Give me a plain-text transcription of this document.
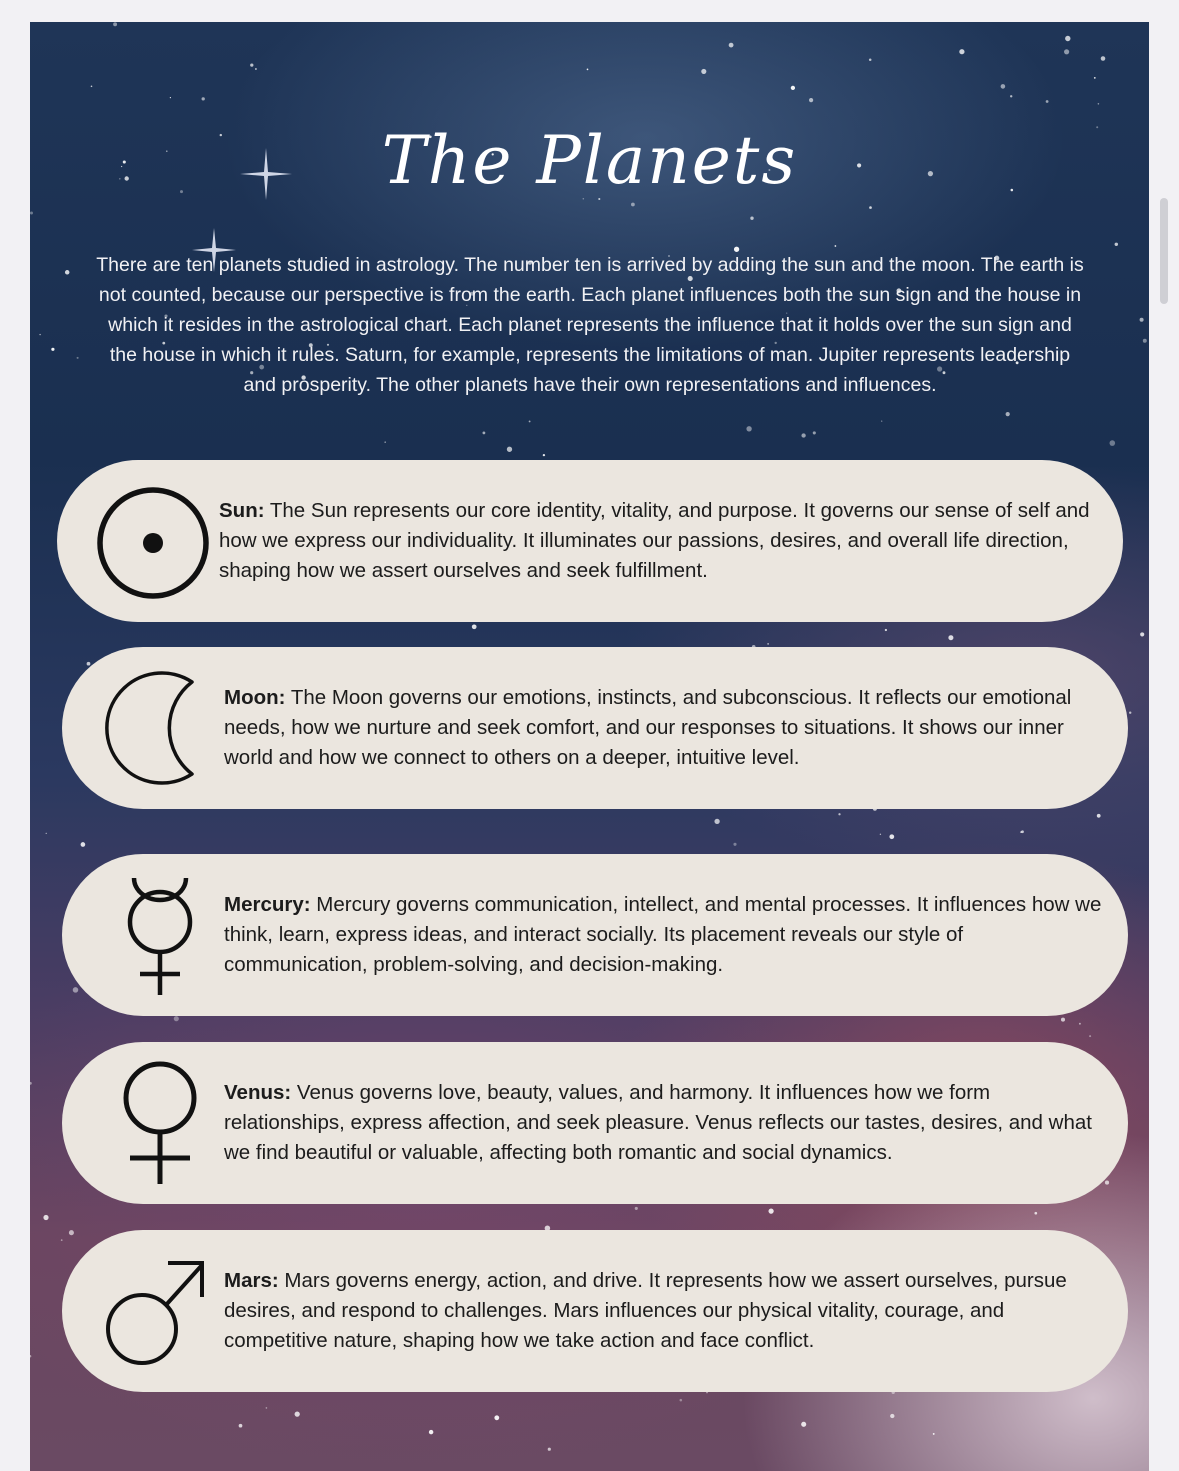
The Planets
There are ten planets studied in astrology. The number ten is arrived by adding the sun and the moon. The earth is not counted, because our perspective is from the earth. Each planet influences both the sun sign and the house in which it resides in the astrological chart. Each planet represents the influence that it holds over the sun sign and the house in which it rules. Saturn, for example, represents the limitations of man. Jupiter represents leadership and prosperity. The other planets have their own representations and influences.
Sun: The Sun represents our core identity, vitality, and purpose. It governs our sense of self and how we express our individuality. It illuminates our passions, desires, and overall life direction, shaping how we assert ourselves and seek fulfillment.
Moon: The Moon governs our emotions, instincts, and subconscious. It reflects our emotional needs, how we nurture and seek comfort, and our responses to situations. It shows our inner world and how we connect to others on a deeper, intuitive level.
Mercury: Mercury governs communication, intellect, and mental processes. It influences how we think, learn, express ideas, and interact socially. Its placement reveals our style of communication, problem-solving, and decision-making.
Venus: Venus governs love, beauty, values, and harmony. It influences how we form relationships, express affection, and seek pleasure. Venus reflects our tastes, desires, and what we find beautiful or valuable, affecting both romantic and social dynamics.
Mars: Mars governs energy, action, and drive. It represents how we assert ourselves, pursue desires, and respond to challenges. Mars influences our physical vitality, courage, and competitive nature, shaping how we take action and face conflict.
